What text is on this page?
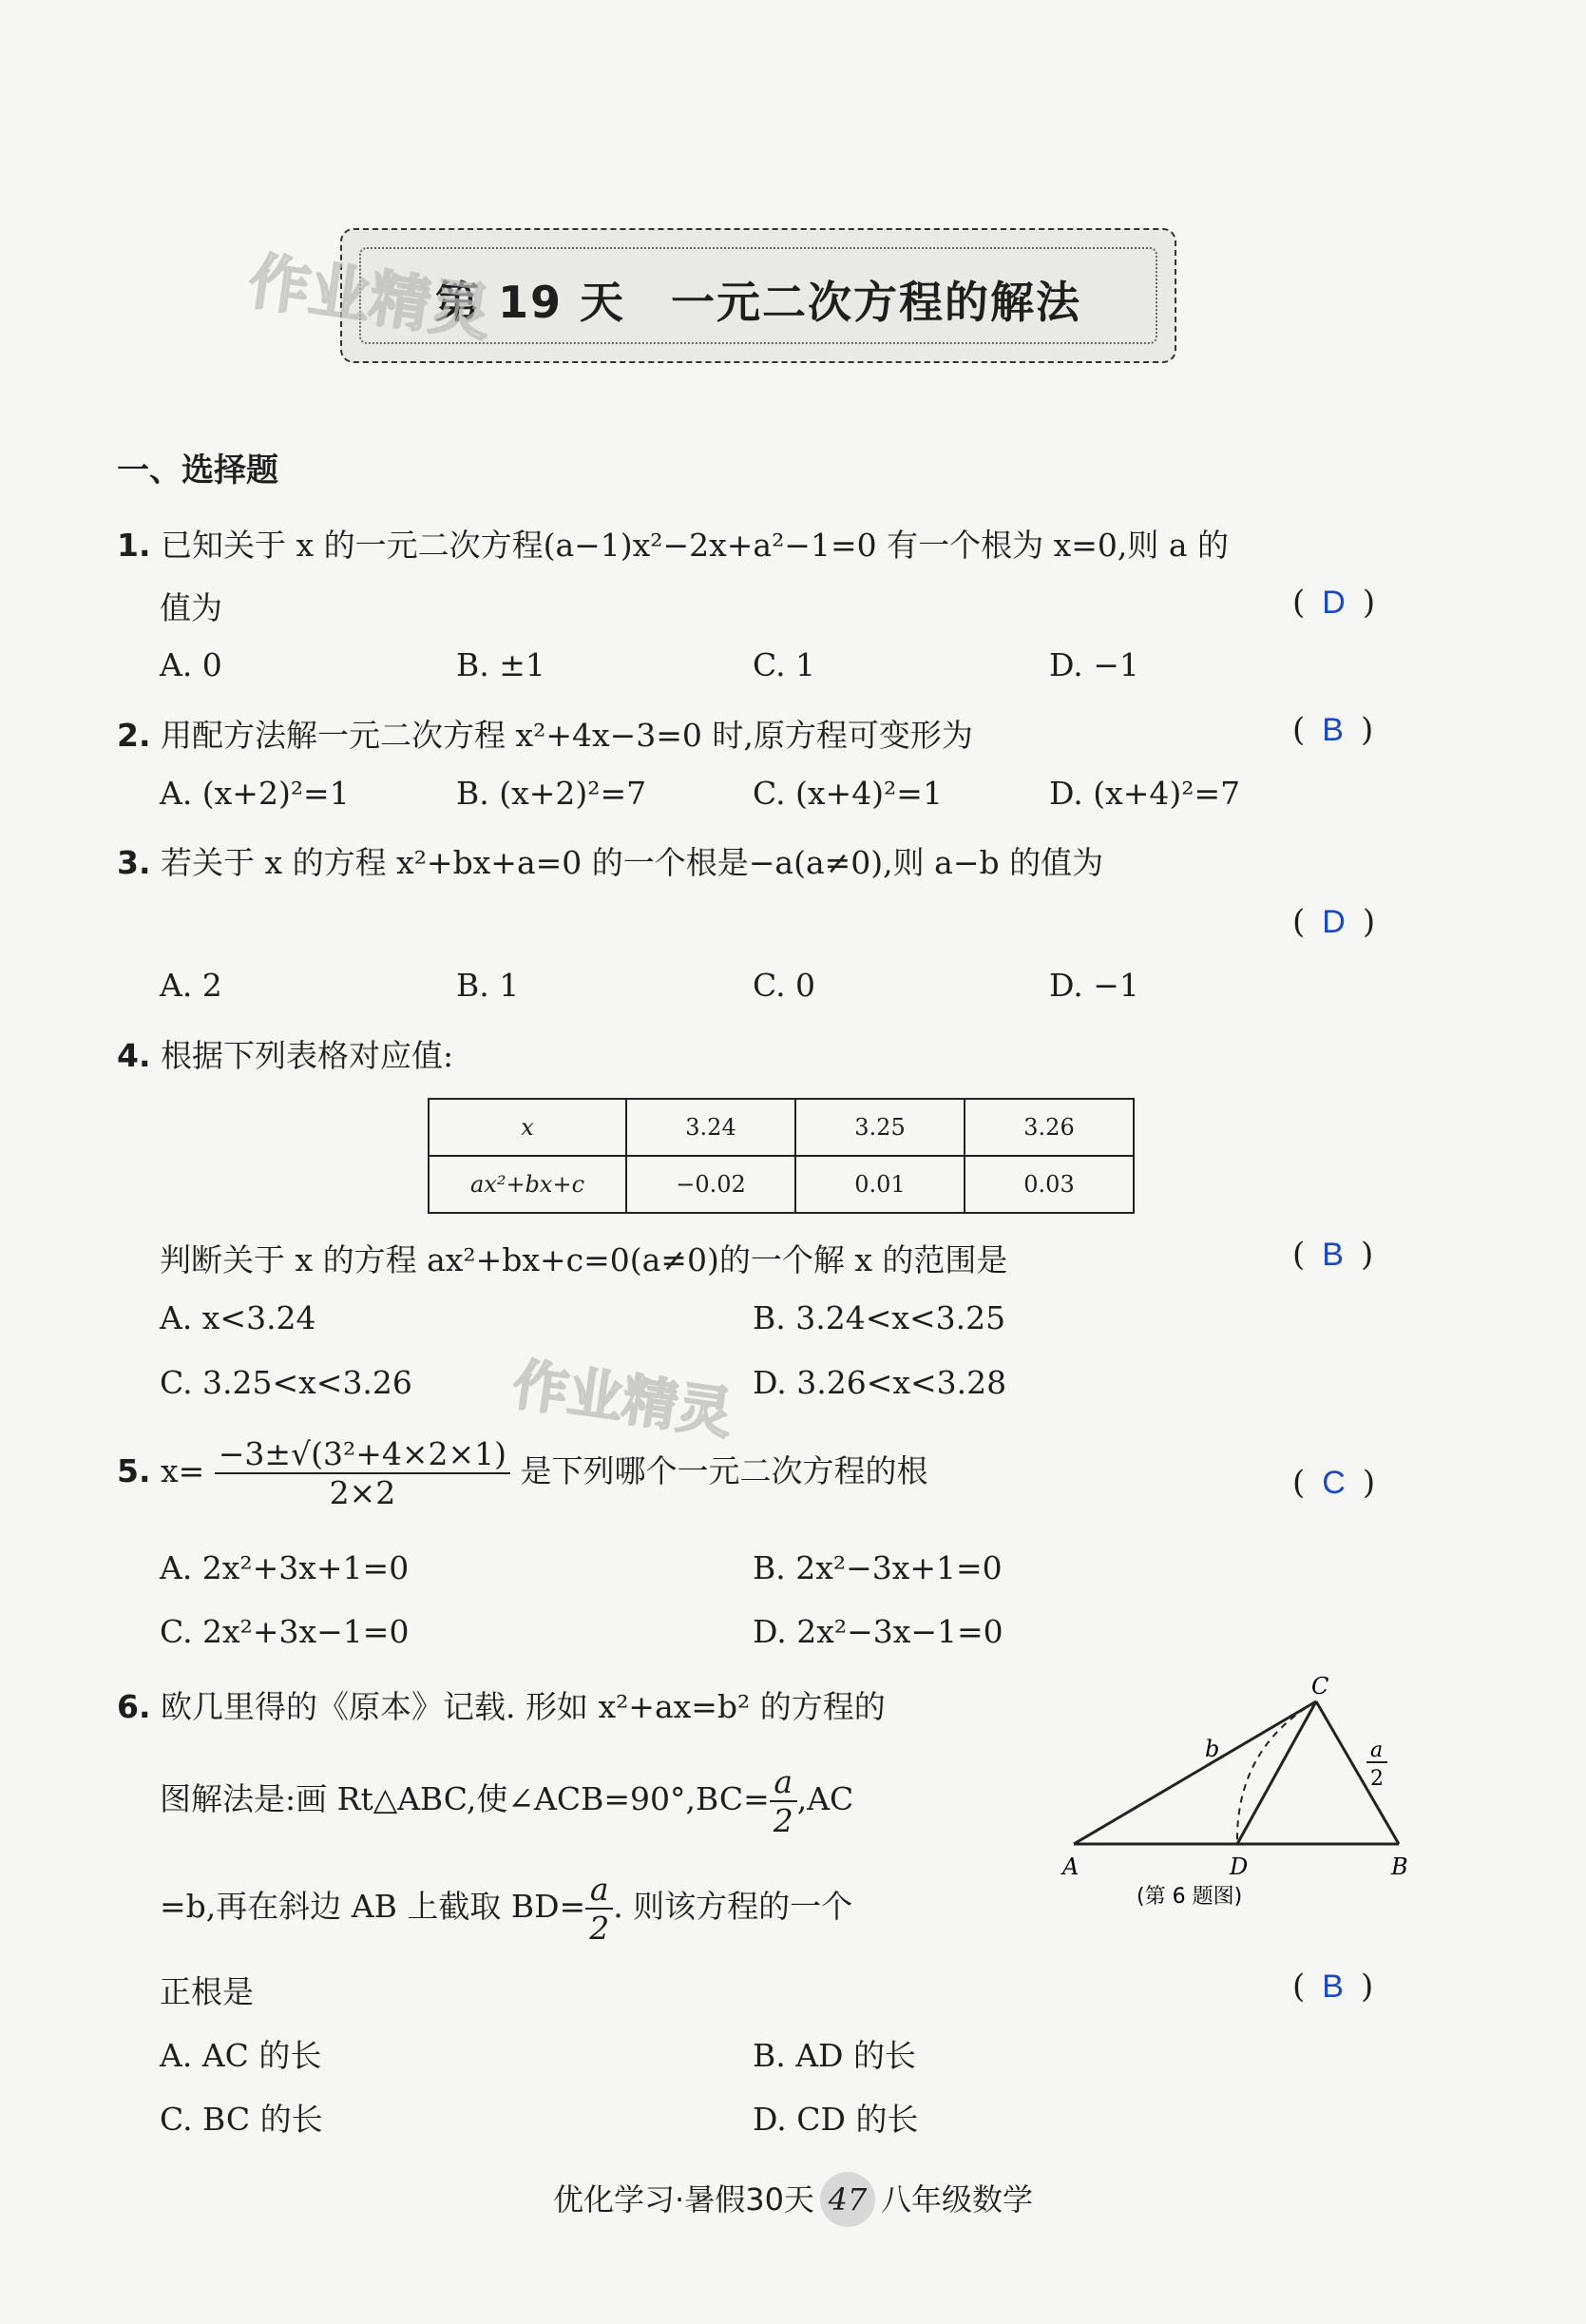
第 19 天　一元二次方程的解法
作业精灵
一、选择题
1. 已知关于 x 的一元二次方程(a−1)x²−2x+a²−1=0 有一个根为 x=0,则 a 的
值为	( D )
A. 0	B. ±1	C. 1	D. −1
2. 用配方法解一元二次方程 x²+4x−3=0 时,原方程可变形为	( B )
A. (x+2)²=1	B. (x+2)²=7	C. (x+4)²=1	D. (x+4)²=7
3. 若关于 x 的方程 x²+bx+a=0 的一个根是−a(a≠0),则 a−b 的值为
( D )
A. 2	B. 1	C. 0	D. −1
4. 根据下列表格对应值:
x	3.24	3.25	3.26
ax²+bx+c	−0.02	0.01	0.03
判断关于 x 的方程 ax²+bx+c=0(a≠0)的一个解 x 的范围是	( B )
A. x<3.24	B. 3.24<x<3.25
C. 3.25<x<3.26	D. 3.26<x<3.28
作业精灵
5. $x= \frac{\text{−3±√(3²+4×2×1)}}{2\times 2}$ 是下列哪个一元二次方程的根	( C )
A. 2x²+3x+1=0	B. 2x²−3x+1=0
C. 2x²+3x−1=0	D. 2x²−3x−1=0
6. 欧几里得的《原本》记载. 形如 x²+ax=b² 的方程的
图解法是:画 Rt△ABC,使∠ACB=90°,BC= $\frac{a}{2} ,AC$
=b,再在斜边 AB 上截取 $BD= \frac{a}{2}$ . 则该方程的一个
正根是	( B )
A. AC 的长	B. AD 的长
C. BC 的长	D. CD 的长
A	B
C
D
b	a
2
(第 6 题图)
优化学习·暑假30天 47 八年级数学
